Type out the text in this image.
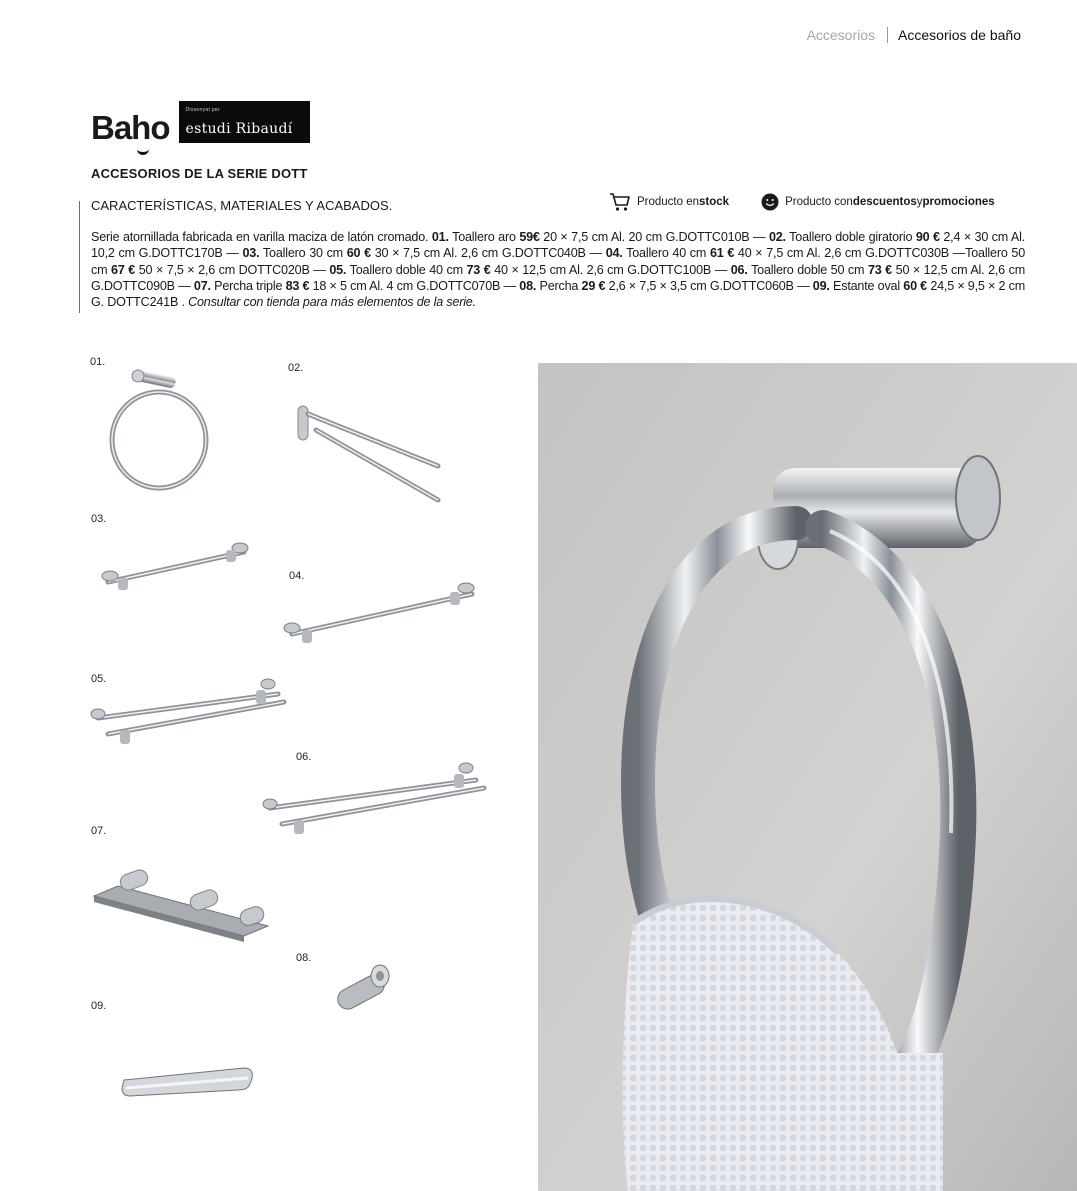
Accesorios Accesorios de baño
Baho	Dissenyat per
estudi Ribaudí
ACCESORIOS DE LA SERIE DOTT
CARACTERÍSTICAS, MATERIALES Y ACABADOS.	Producto en stock	Producto con descuentos y promociones
Serie atornillada fabricada en varilla maciza de latón cromado. 01. Toallero aro 59€ 20 × 7,5 cm Al. 20 cm G.DOTTC010B — 02. Toallero doble giratorio 90 € 2,4 × 30 cm Al. 10,2 cm G.DOTTC170B — 03. Toallero 30 cm 60 € 30 × 7,5 cm Al. 2,6 cm G.DOTTC040B — 04. Toallero 40 cm 61 € 40 × 7,5 cm Al. 2,6 cm G.DOTTC030B —Toallero 50 cm 67 € 50 × 7,5 × 2,6 cm DOTTC020B — 05. Toallero doble 40 cm 73 € 40 × 12,5 cm Al. 2,6 cm G.DOTTC100B — 06. Toallero doble 50 cm 73 € 50 × 12,5 cm Al. 2,6 cm G.DOTTC090B — 07. Percha triple 83 € 18 × 5 cm Al. 4 cm G.DOTTC070B — 08. Percha 29 € 2,6 × 7,5 × 3,5 cm G.DOTTC060B — 09. Estante oval 60 € 24,5 × 9,5 × 2 cm G. DOTTC241B . Consultar con tienda para más elementos de la serie.
01.	02.
03.
04.
05.
06.
07.
08.
09.
